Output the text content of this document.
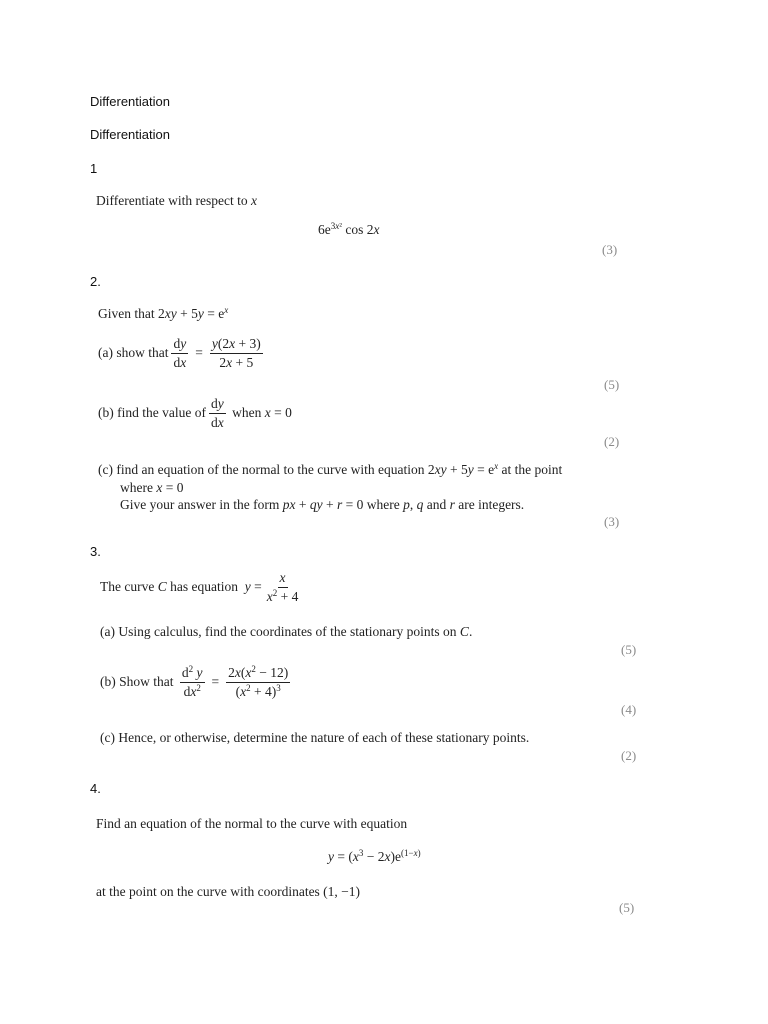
Differentiation
Differentiation
1
Differentiate with respect to x
$6e^{3x^2}$ cos 2x
(3)
2.
Given that $2xy + 5y = e^x$
(a) show that $\frac{dy}{dx} = \frac{y(2x + 3)}{2x + 5}$
(5)
(b) find the value of $\frac{dy}{dx}$ when x = 0
(2)
(c) find an equation of the normal to the curve with equation $2xy + 5y = e^x$ at the point
where x = 0
Give your answer in the form px + qy + r = 0 where p, q and r are integers.
(3)
3.
The curve C has equation  $y = \frac{x}{x^2 + 4}$
(a) Using calculus, find the coordinates of the stationary points on C.
(5)
(b) Show that $\frac{d^2 y}{dx^2} = \frac{2x(x^2 - 12)}{(x^2 + 4)^3}$
(4)
(c) Hence, or otherwise, determine the nature of each of these stationary points.
(2)
4.
Find an equation of the normal to the curve with equation
$y = (x^3 - 2x)e^{(1-x)}$
at the point on the curve with coordinates (1, −1)
(5)
